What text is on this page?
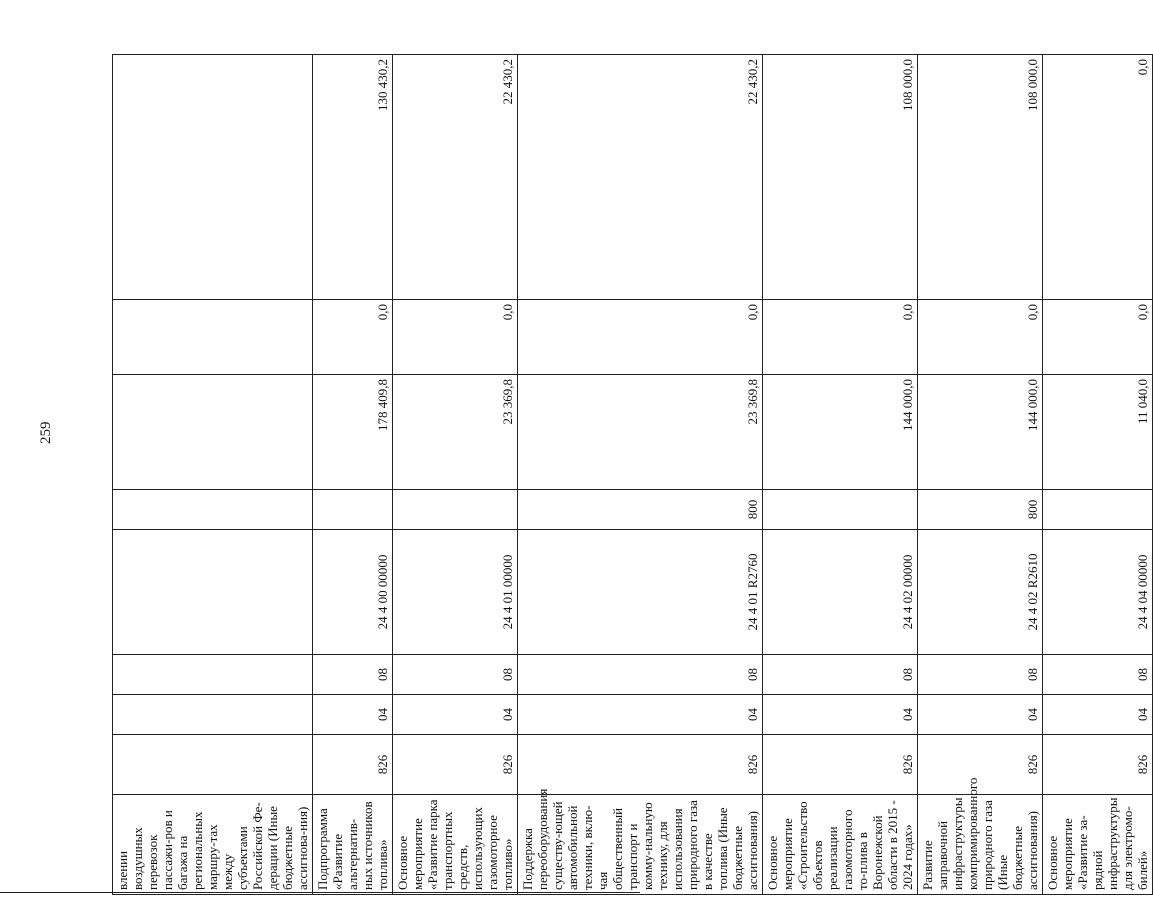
259
влении воздушных перевозок пассажи-ров и багажа на региональных маршру-тах между субъектами Российской Фе-дерации (Иные бюджетные ассигнова-ния)								
Подпрограмма «Развитие альтернатив-ных источников топлива»	826	04	08	24 4 00 00000		178 409,8	0,0	130 430,2
Основное мероприятие «Развитие парка транспортных средств, использующих газомоторное топливо»	826	04	08	24 4 01 00000		23 369,8	0,0	22 430,2
Поддержка переоборудования существу-ющей автомобильной техники, вклю-чая общественный транспорт и комму-нальную технику, для использования природного газа в качестве топлива (Иные бюджетные ассигнования)	826	04	08	24 4 01 R2760	800	23 369,8	0,0	22 430,2
Основное мероприятие «Строительство объектов реализации газомоторного то-плива в Воронежской области в 2015 - 2024 годах»	826	04	08	24 4 02 00000		144 000,0	0,0	108 000,0
Развитие заправочной инфраструктуры компримированного природного газа (Иные бюджетные ассигнования)	826	04	08	24 4 02 R2610	800	144 000,0	0,0	108 000,0
Основное мероприятие «Развитие за-рядной инфраструктуры для электромо-билей»	826	04	08	24 4 04 00000		11 040,0	0,0	0,0
